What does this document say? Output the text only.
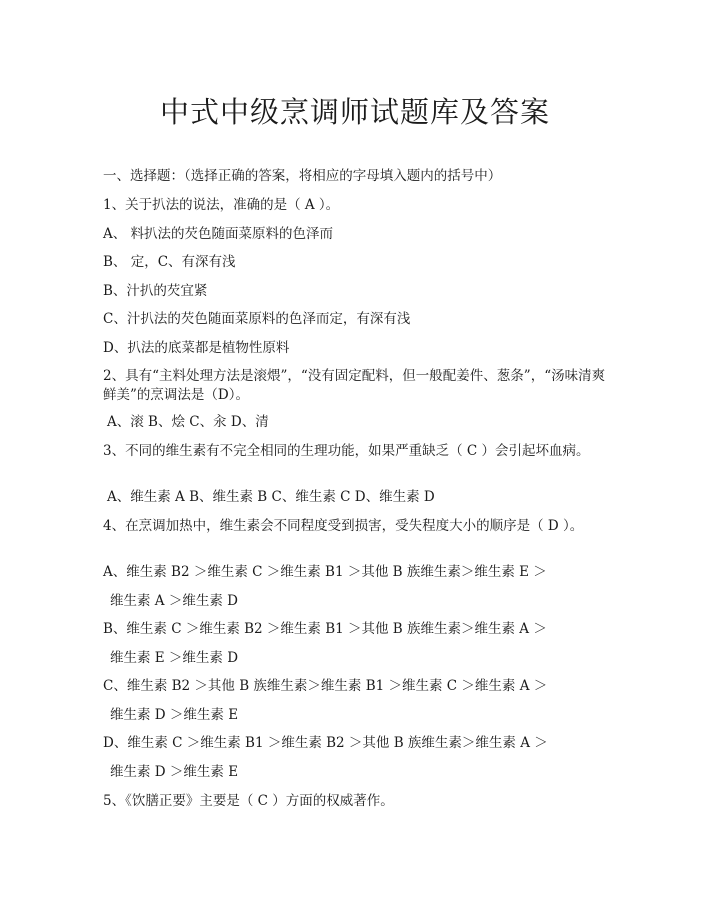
中式中级烹调师试题库及答案
一、选择题：（选择正确的答案，将相应的字母填入题内的括号中）
1、关于扒法的说法，准确的是（ A ）。
A、 料扒法的芡色随面菜原料的色泽而
B、 定，C、有深有浅
B、汁扒的芡宜紧
C、汁扒法的芡色随面菜原料的色泽而定，有深有浅
D、扒法的底菜都是植物性原料
2、具有“主料处理方法是滚煨”，“没有固定配料，但一般配姜件、葱条”，“汤味清爽鲜美”的烹调法是（D）。
A、滚 B、烩 C、汆 D、清
3、不同的维生素有不完全相同的生理功能，如果严重缺乏（ C ）会引起坏血病。
A、维生素 A B、维生素 B C、维生素 C D、维生素 D
4、在烹调加热中，维生素会不同程度受到损害，受失程度大小的顺序是（ D ）。
A、维生素 B2 ＞维生素 C ＞维生素 B1 ＞其他 B 族维生素＞维生素 E ＞
维生素 A ＞维生素 D
B、维生素 C ＞维生素 B2 ＞维生素 B1 ＞其他 B 族维生素＞维生素 A ＞
维生素 E ＞维生素 D
C、维生素 B2 ＞其他 B 族维生素＞维生素 B1 ＞维生素 C ＞维生素 A ＞
维生素 D ＞维生素 E
D、维生素 C ＞维生素 B1 ＞维生素 B2 ＞其他 B 族维生素＞维生素 A ＞
维生素 D ＞维生素 E
5、《饮膳正要》主要是（ C ）方面的权威著作。
